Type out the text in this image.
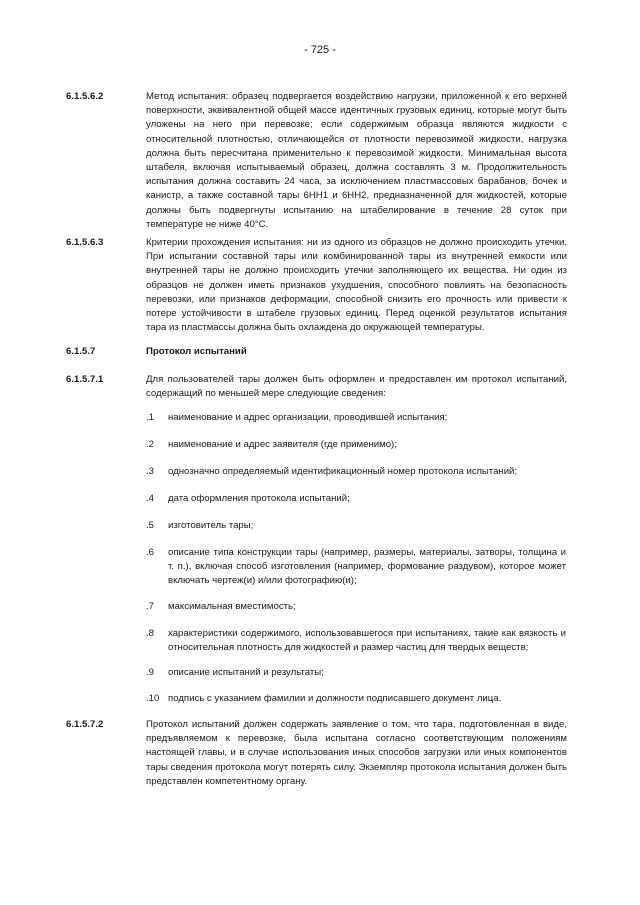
- 725 -
6.1.5.6.2	Метод испытания: образец подвергается воздействию нагрузки, приложенной к его верхней поверхности, эквивалентной общей массе идентичных грузовых единиц, которые могут быть уложены на него при перевозке; если содержимым образца являются жидкости с относительной плотностью, отличающейся от плотности перевозимой жидкости, нагрузка должна быть пересчитана применительно к перевозимой жидкости. Минимальная высота штабеля, включая испытываемый образец, должна составлять 3 м. Продолжительность испытания должна составить 24 часа, за исключением пластмассовых барабанов, бочек и канистр, а также составной тары 6НН1 и 6НН2, предназначенной для жидкостей, которые должны быть подвергнуты испытанию на штабелирование в течение 28 суток при температуре не ниже 40°C.
6.1.5.6.3	Критерии прохождения испытания: ни из одного из образцов не должно происходить утечки. При испытании составной тары или комбинированной тары из внутренней емкости или внутренней тары не должно происходить утечки заполняющего их вещества. Ни один из образцов не должен иметь признаков ухудшения, способного повлиять на безопасность перевозки, или признаков деформации, способной снизить его прочность или привести к потере устойчивости в штабеле грузовых единиц. Перед оценкой результатов испытания тара из пластмассы должна быть охлаждена до окружающей температуры.
6.1.5.7	Протокол испытаний
6.1.5.7.1	Для пользователей тары должен быть оформлен и предоставлен им протокол испытаний, содержащий по меньшей мере следующие сведения:
.1	наименование и адрес организации, проводившей испытания;
.2	наименование и адрес заявителя (где применимо);
.3	однозначно определяемый идентификационный номер протокола испытаний;
.4	дата оформления протокола испытаний;
.5	изготовитель тары;
.6	описание типа конструкции тары (например, размеры, материалы, затворы, толщина и т. п.), включая способ изготовления (например, формование раздувом), которое может включать чертеж(и) и/или фотографию(и);
.7	максимальная вместимость;
.8	характеристики содержимого, использовавшегося при испытаниях, такие как вязкость и относительная плотность для жидкостей и размер частиц для твердых веществ;
.9	описание испытаний и результаты;
.10 подпись с указанием фамилии и должности подписавшего документ лица.
6.1.5.7.2	Протокол испытаний должен содержать заявление о том, что тара, подготовленная в виде, предъявляемом к перевозке, была испытана согласно соответствующим положениям настоящей главы, и в случае использования иных способов загрузки или иных компонентов тары сведения протокола могут потерять силу. Экземпляр протокола испытания должен быть представлен компетентному органу.
